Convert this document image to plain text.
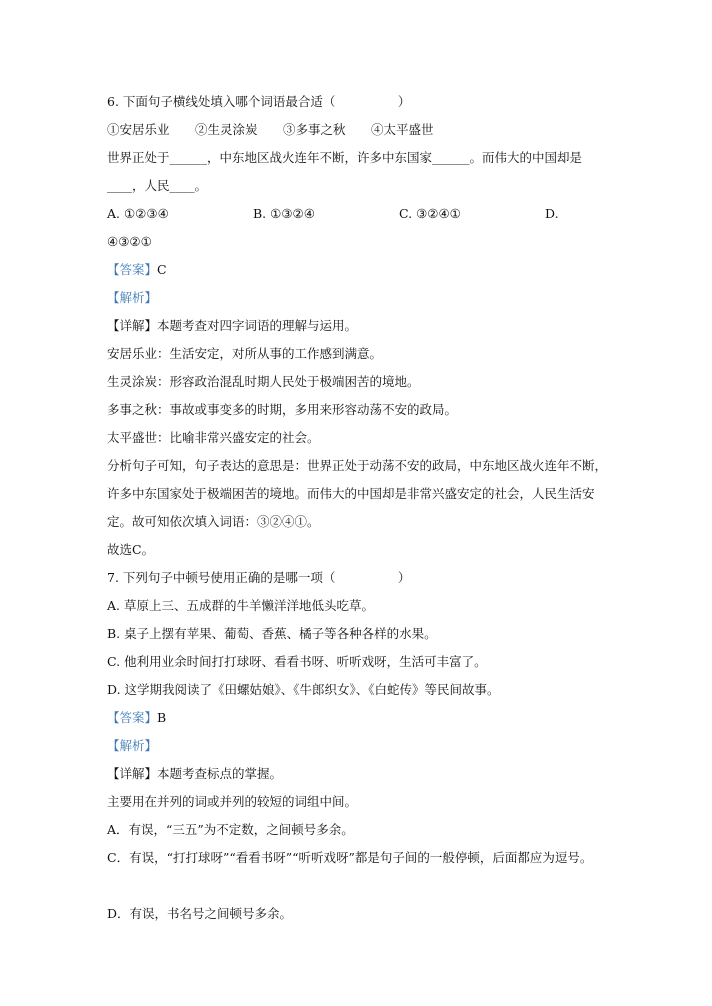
6. 下面句子横线处填入哪个词语最合适（　　　　　）
①安居乐业 ②生灵涂炭 ③多事之秋 ④太平盛世
世界正处于______，中东地区战火连年不断，许多中东国家______。而伟大的中国却是
____，人民____。
A. ①②③④	B. ①③②④	C. ③②④①	D.
④③②①
【答案】C
【解析】
【详解】本题考查对四字词语的理解与运用。
安居乐业：生活安定，对所从事的工作感到满意。
生灵涂炭：形容政治混乱时期人民处于极端困苦的境地。
多事之秋：事故或事变多的时期，多用来形容动荡不安的政局。
太平盛世：比喻非常兴盛安定的社会。
分析句子可知，句子表达的意思是：世界正处于动荡不安的政局，中东地区战火连年不断，
许多中东国家处于极端困苦的境地。而伟大的中国却是非常兴盛安定的社会，人民生活安
定。故可知依次填入词语：③②④①。
故选C。
7. 下列句子中顿号使用正确的是哪一项（　　　　　）
A. 草原上三、五成群的牛羊懒洋洋地低头吃草。
B. 桌子上摆有苹果、葡萄、香蕉、橘子等各种各样的水果。
C. 他利用业余时间打打球呀、看看书呀、听听戏呀，生活可丰富了。
D. 这学期我阅读了《田螺姑娘》、《牛郎织女》、《白蛇传》等民间故事。
【答案】B
【解析】
【详解】本题考查标点的掌握。
主要用在并列的词或并列的较短的词组中间。
A．有误，“三五”为不定数，之间顿号多余。
C．有误，“打打球呀”“看看书呀”“听听戏呀”都是句子间的一般停顿，后面都应为逗号。
D．有误，书名号之间顿号多余。
